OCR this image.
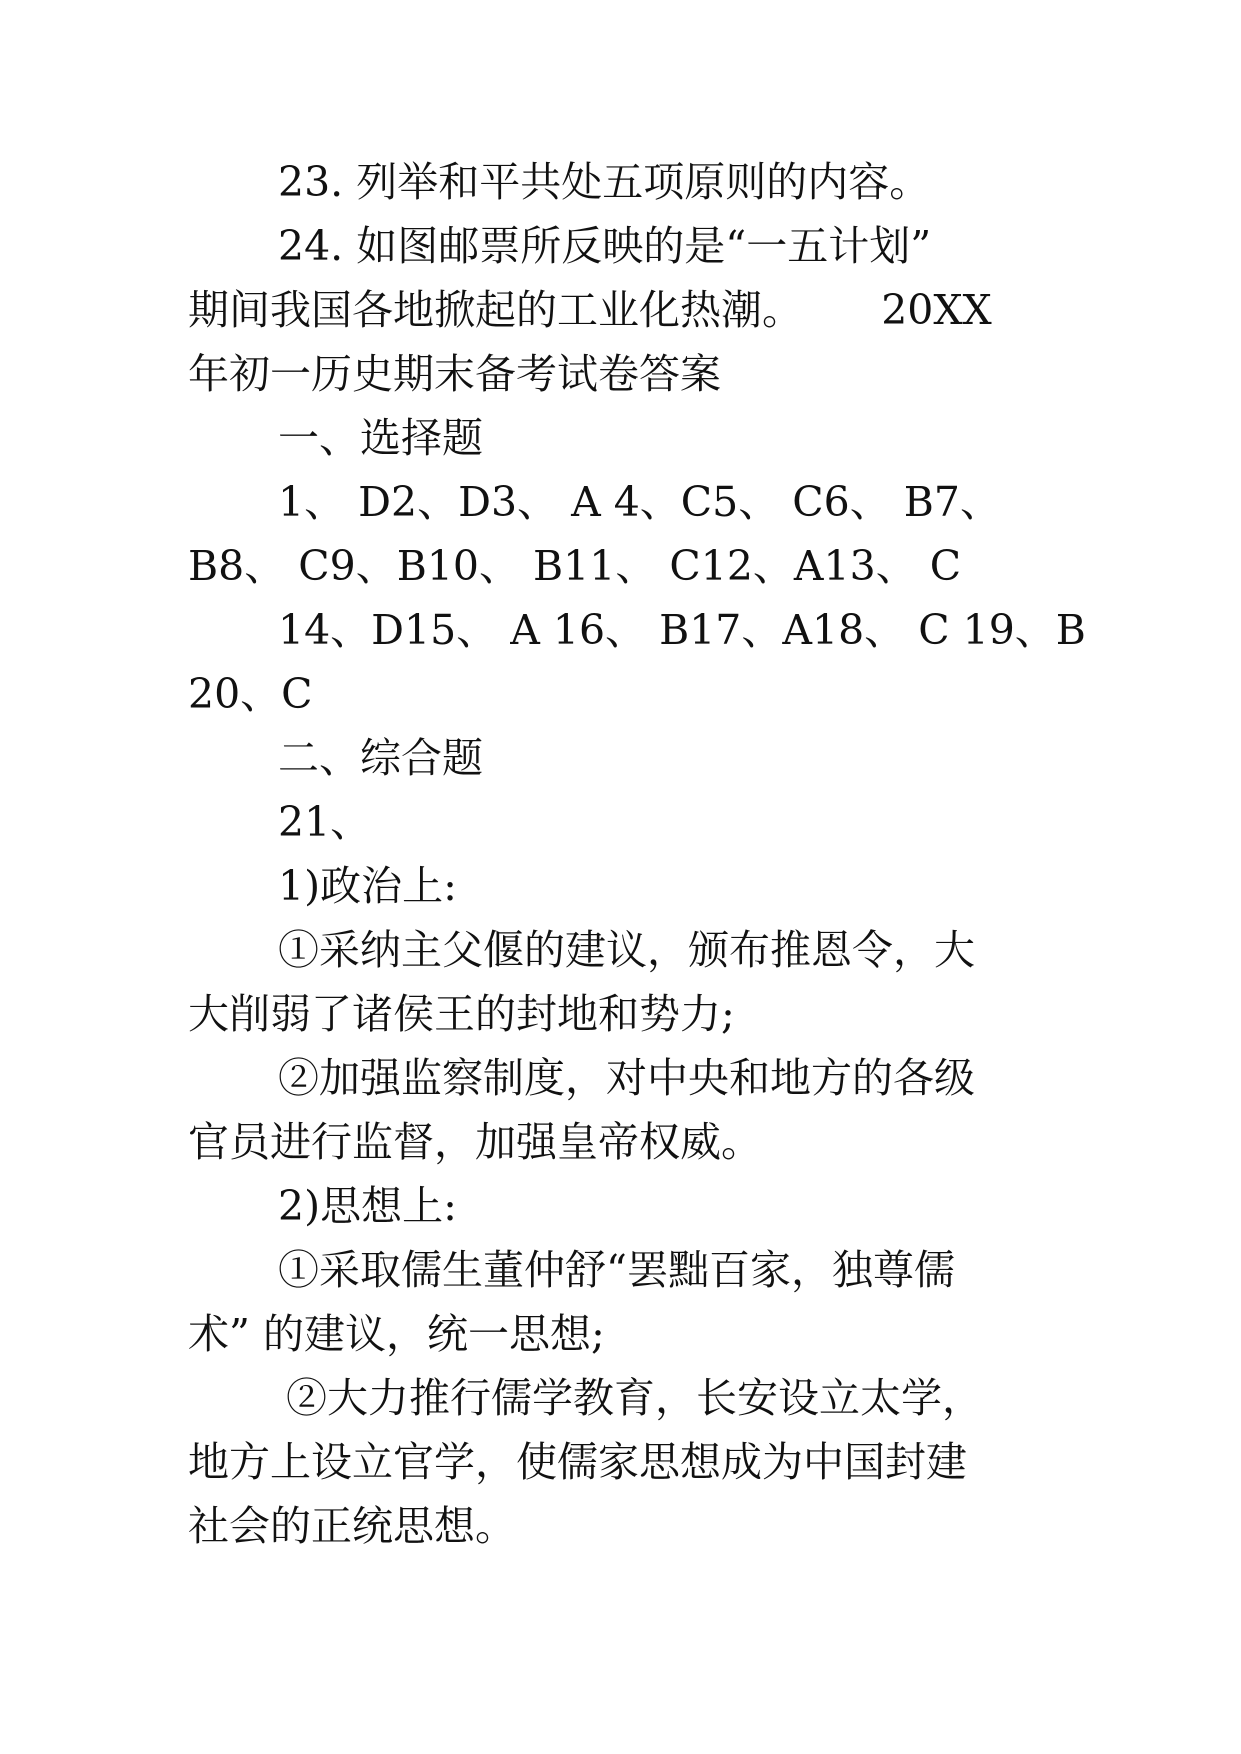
23. 列举和平共处五项原则的内容。
24. 如图邮票所反映的是“一五计划”
期间我国各地掀起的工业化热潮。      20XX
年初一历史期末备考试卷答案
一、选择题
1、 D2、D3、 A 4、C5、 C6、 B7、
B8、 C9、B10、 B11、 C12、A13、 C
14、D15、 A 16、 B17、A18、 C 19、B
20、C
二、综合题
21、
1)政治上:
①采纳主父偃的建议，颁布推恩令，大
大削弱了诸侯王的封地和势力;
②加强监察制度，对中央和地方的各级
官员进行监督，加强皇帝权威。
2)思想上:
①采取儒生董仲舒“罢黜百家，独尊儒
术” 的建议，统一思想;
②大力推行儒学教育，长安设立太学，
地方上设立官学，使儒家思想成为中国封建
社会的正统思想。
